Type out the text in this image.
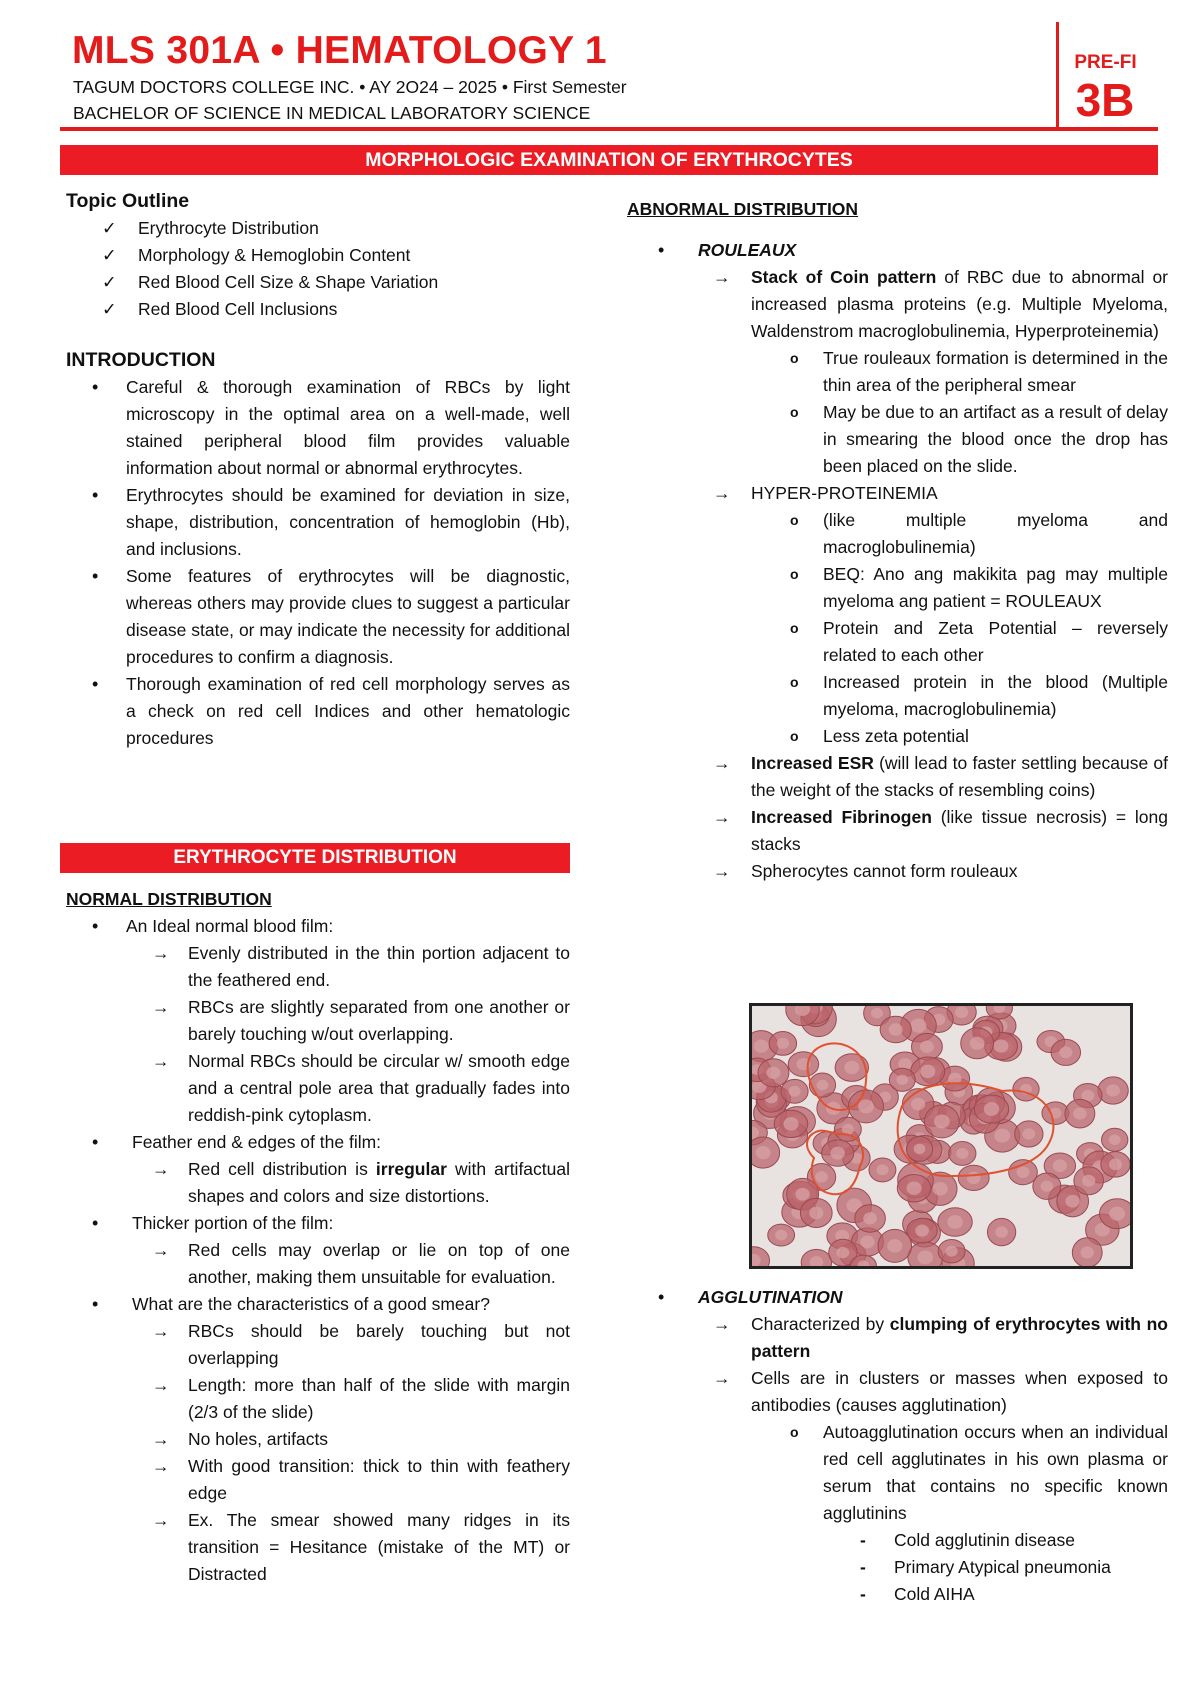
MLS 301A • HEMATOLOGY 1
TAGUM DOCTORS COLLEGE INC. • AY 2O24 – 2025 • First Semester
BACHELOR OF SCIENCE IN MEDICAL LABORATORY SCIENCE
PRE-FI
3B
MORPHOLOGIC EXAMINATION OF ERYTHROCYTES
Topic Outline
✓ Erythrocyte Distribution
✓ Morphology & Hemoglobin Content
✓ Red Blood Cell Size & Shape Variation
✓ Red Blood Cell Inclusions
INTRODUCTION
• Careful & thorough examination of RBCs by light microscopy in the optimal area on a well-made, well stained peripheral blood film provides valuable information about normal or abnormal erythrocytes.
• Erythrocytes should be examined for deviation in size, shape, distribution, concentration of hemoglobin (Hb), and inclusions.
• Some features of erythrocytes will be diagnostic, whereas others may provide clues to suggest a particular disease state, or may indicate the necessity for additional procedures to confirm a diagnosis.
• Thorough examination of red cell morphology serves as a check on red cell Indices and other hematologic procedures
ERYTHROCYTE DISTRIBUTION
NORMAL DISTRIBUTION
• An Ideal normal blood film:
→ Evenly distributed in the thin portion adjacent to the feathered end.
→ RBCs are slightly separated from one another or barely touching w/out overlapping.
→ Normal RBCs should be circular w/ smooth edge and a central pole area that gradually fades into reddish-pink cytoplasm.
• Feather end & edges of the film:
→ Red cell distribution is irregular with artifactual shapes and colors and size distortions.
• Thicker portion of the film:
→ Red cells may overlap or lie on top of one another, making them unsuitable for evaluation.
• What are the characteristics of a good smear?
→ RBCs should be barely touching but not overlapping
→ Length: more than half of the slide with margin (2/3 of the slide)
→ No holes, artifacts
→ With good transition: thick to thin with feathery edge
→ Ex. The smear showed many ridges in its transition = Hesitance (mistake of the MT) or Distracted
ABNORMAL DISTRIBUTION
• ROULEAUX
→ Stack of Coin pattern of RBC due to abnormal or increased plasma proteins (e.g. Multiple Myeloma, Waldenstrom macroglobulinemia, Hyperproteinemia)
o True rouleaux formation is determined in the thin area of the peripheral smear
o May be due to an artifact as a result of delay in smearing the blood once the drop has been placed on the slide.
→ HYPER-PROTEINEMIA
o (like multiple myeloma and macroglobulinemia)
o BEQ: Ano ang makikita pag may multiple myeloma ang patient = ROULEAUX
o Protein and Zeta Potential – reversely related to each other
o Increased protein in the blood (Multiple myeloma, macroglobulinemia)
o Less zeta potential
→ Increased ESR (will lead to faster settling because of the weight of the stacks of resembling coins)
→ Increased Fibrinogen (like tissue necrosis) = long stacks
→ Spherocytes cannot form rouleaux
• AGGLUTINATION
→ Characterized by clumping of erythrocytes with no pattern
→ Cells are in clusters or masses when exposed to antibodies (causes agglutination)
o Autoagglutination occurs when an individual red cell agglutinates in his own plasma or serum that contains no specific known agglutinins
- Cold agglutinin disease
- Primary Atypical pneumonia
- Cold AIHA
